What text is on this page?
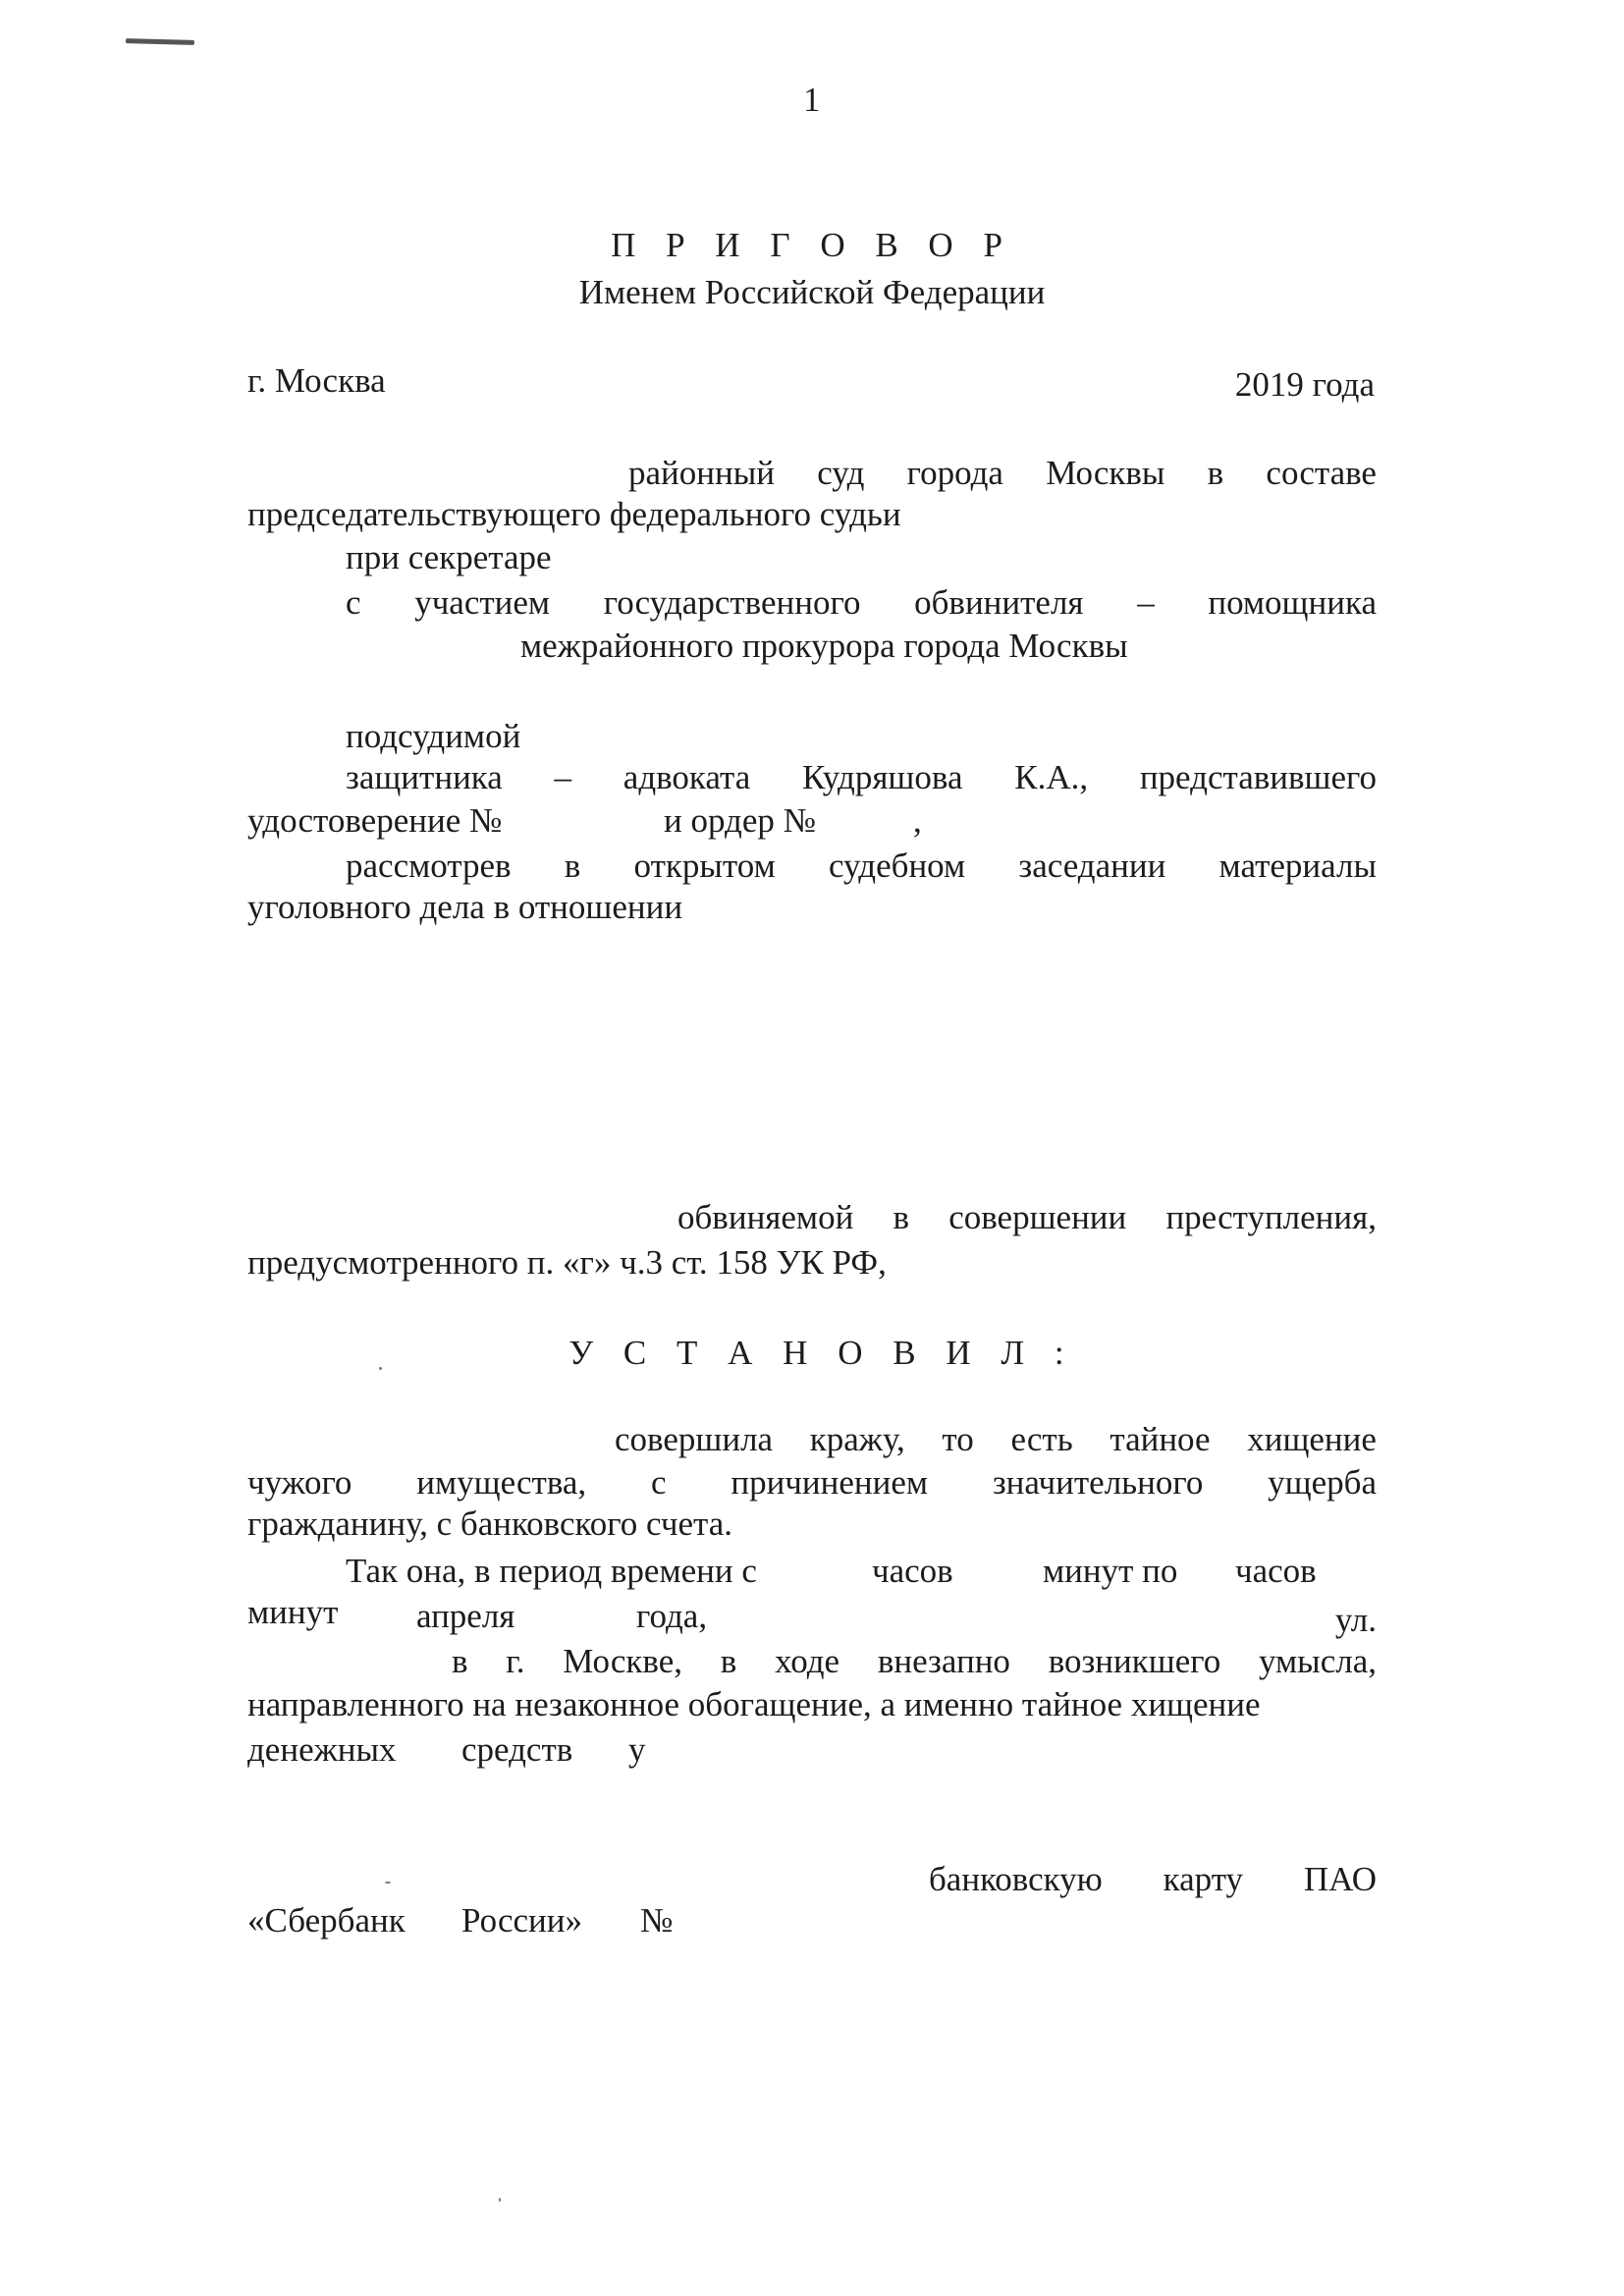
1
П Р И Г О В О Р
Именем Российской Федерации
г. Москва	2019 года
районный суд города Москвы в составе
председательствующего федерального судьи
при секретаре
с участием государственного обвинителя – помощника
межрайонного прокурора города Москвы
подсудимой
защитника – адвоката Кудряшова К.А., представившего
удостоверение №	и ордер №	,
рассмотрев в открытом судебном заседании материалы
уголовного дела в отношении
обвиняемой в совершении преступления,
предусмотренного п. «г» ч.3 ст. 158 УК РФ,
У С Т А Н О В И Л :
совершила кражу, то есть тайное хищение
чужого имущества, с причинением значительного ущерба
гражданину, с банковского счета.
Так она, в период времени с	часов	минут по часов
минут апреля	года,	ул.
в г. Москве, в ходе внезапно возникшего умысла,
направленного на незаконное обогащение, а именно тайное хищение
денежных средств у
банковскую карту ПАО
«Сбербанк России» №
